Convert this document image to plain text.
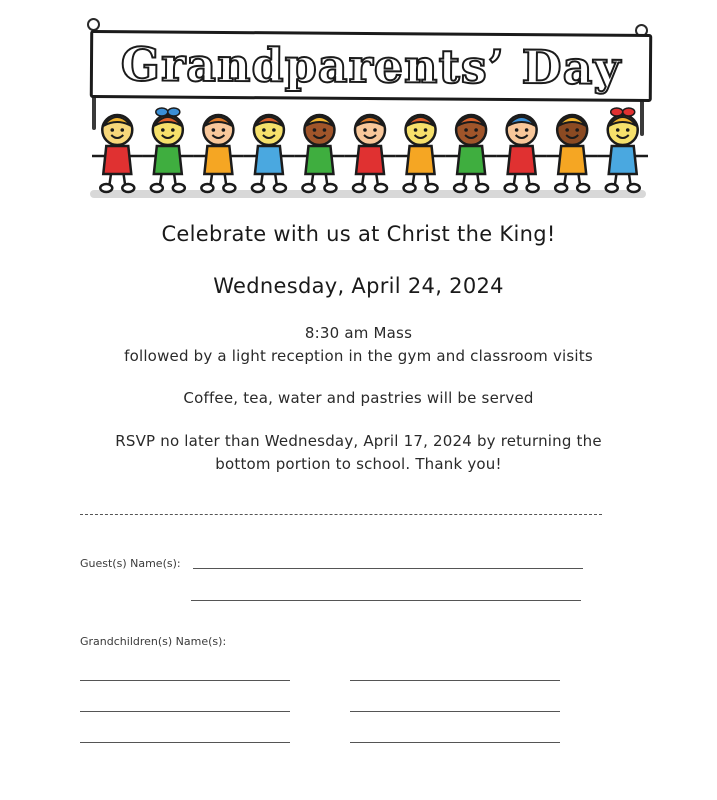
Grandparents’ Day
Celebrate with us at Christ the King!
Wednesday, April 24, 2024
8:30 am Mass
followed by a light reception in the gym and classroom visits
Coffee, tea, water and pastries will be served
RSVP no later than Wednesday, April 17, 2024 by returning the
bottom portion to school. Thank you!
Guest(s) Name(s):
Grandchildren(s) Name(s):
